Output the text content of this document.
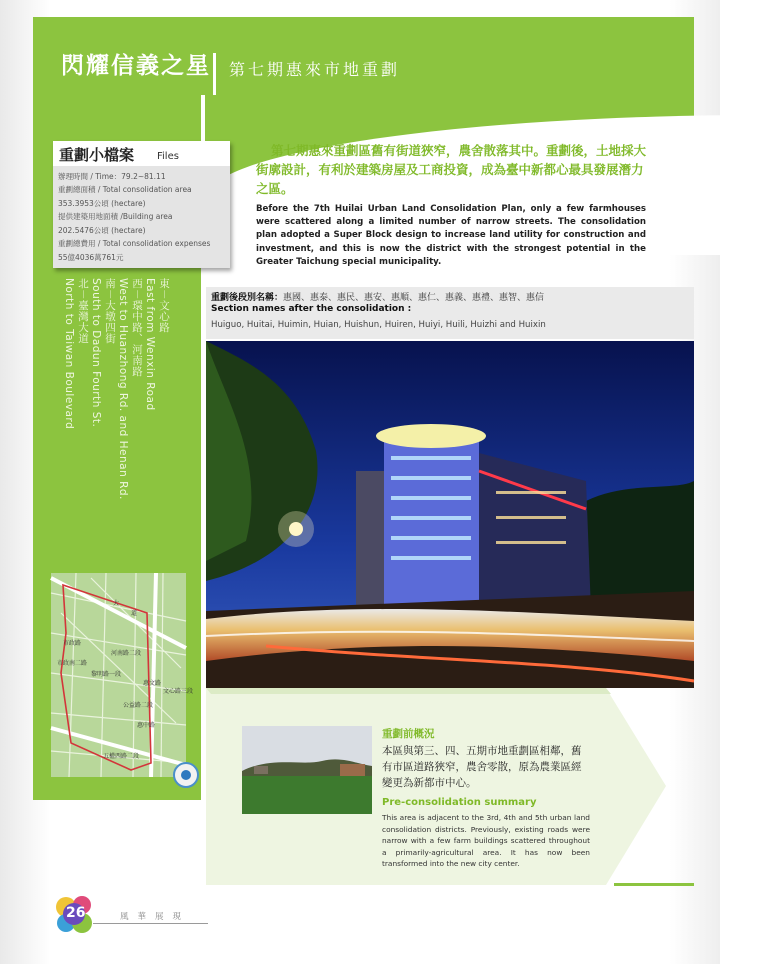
閃耀信義之星 第七期惠來市地重劃
重劃小檔案 Files
辦理時間 / Time：79.2~81.11
重劃總面積 / Total consolidation area
353.3953公頃 (hectare)
提供建築用地面積 /Building area
202.5476公頃 (hectare)
重劃總費用 / Total consolidation expenses
55億4036萬761元
東－文心路
East from Wenxin Road
西－環中路、河南路
West to Huanzhong Rd. and Henan Rd.
南－大墩四街
South to Dadun Fourth St.
北－臺灣大道
North to Taiwan Boulevard
大
道
市政路
市政南二路
黎明路一段
河南路二段
惠文路
公益路二段
惠中路
文心路三段
五權西路二段
第七期惠來重劃區舊有街道狹窄，農舍散落其中。重劃後，土地採大街廓設計，有利於建築房屋及工商投資，成為臺中新都心最具發展潛力之區。
Before the 7th Huilai Urban Land Consolidation Plan, only a few farmhouses were scattered along a limited number of narrow streets. The consolidation plan adopted a Super Block design to increase land utility for construction and investment, and this is now the district with the strongest potential in the Greater Taichung special municipality.
重劃後段別名稱：惠國、惠泰、惠民、惠安、惠順、惠仁、惠義、惠禮、惠智、惠信
Section names after the consolidation :
Huiguo, Huitai, Huimin, Huian, Huishun, Huiren, Huiyi, Huili, Huizhi and Huixin
重劃前概況
本區與第三、四、五期市地重劃區相鄰，舊有市區道路狹窄，農舍零散，原為農業區經變更為新都市中心。
Pre-consolidation summary
This area is adjacent to the 3rd, 4th and 5th urban land consolidation districts. Previously, existing roads were narrow with a few farm buildings scattered throughout a primarily-agricultural area. It has now been transformed into the new city center.
26	風華展現
